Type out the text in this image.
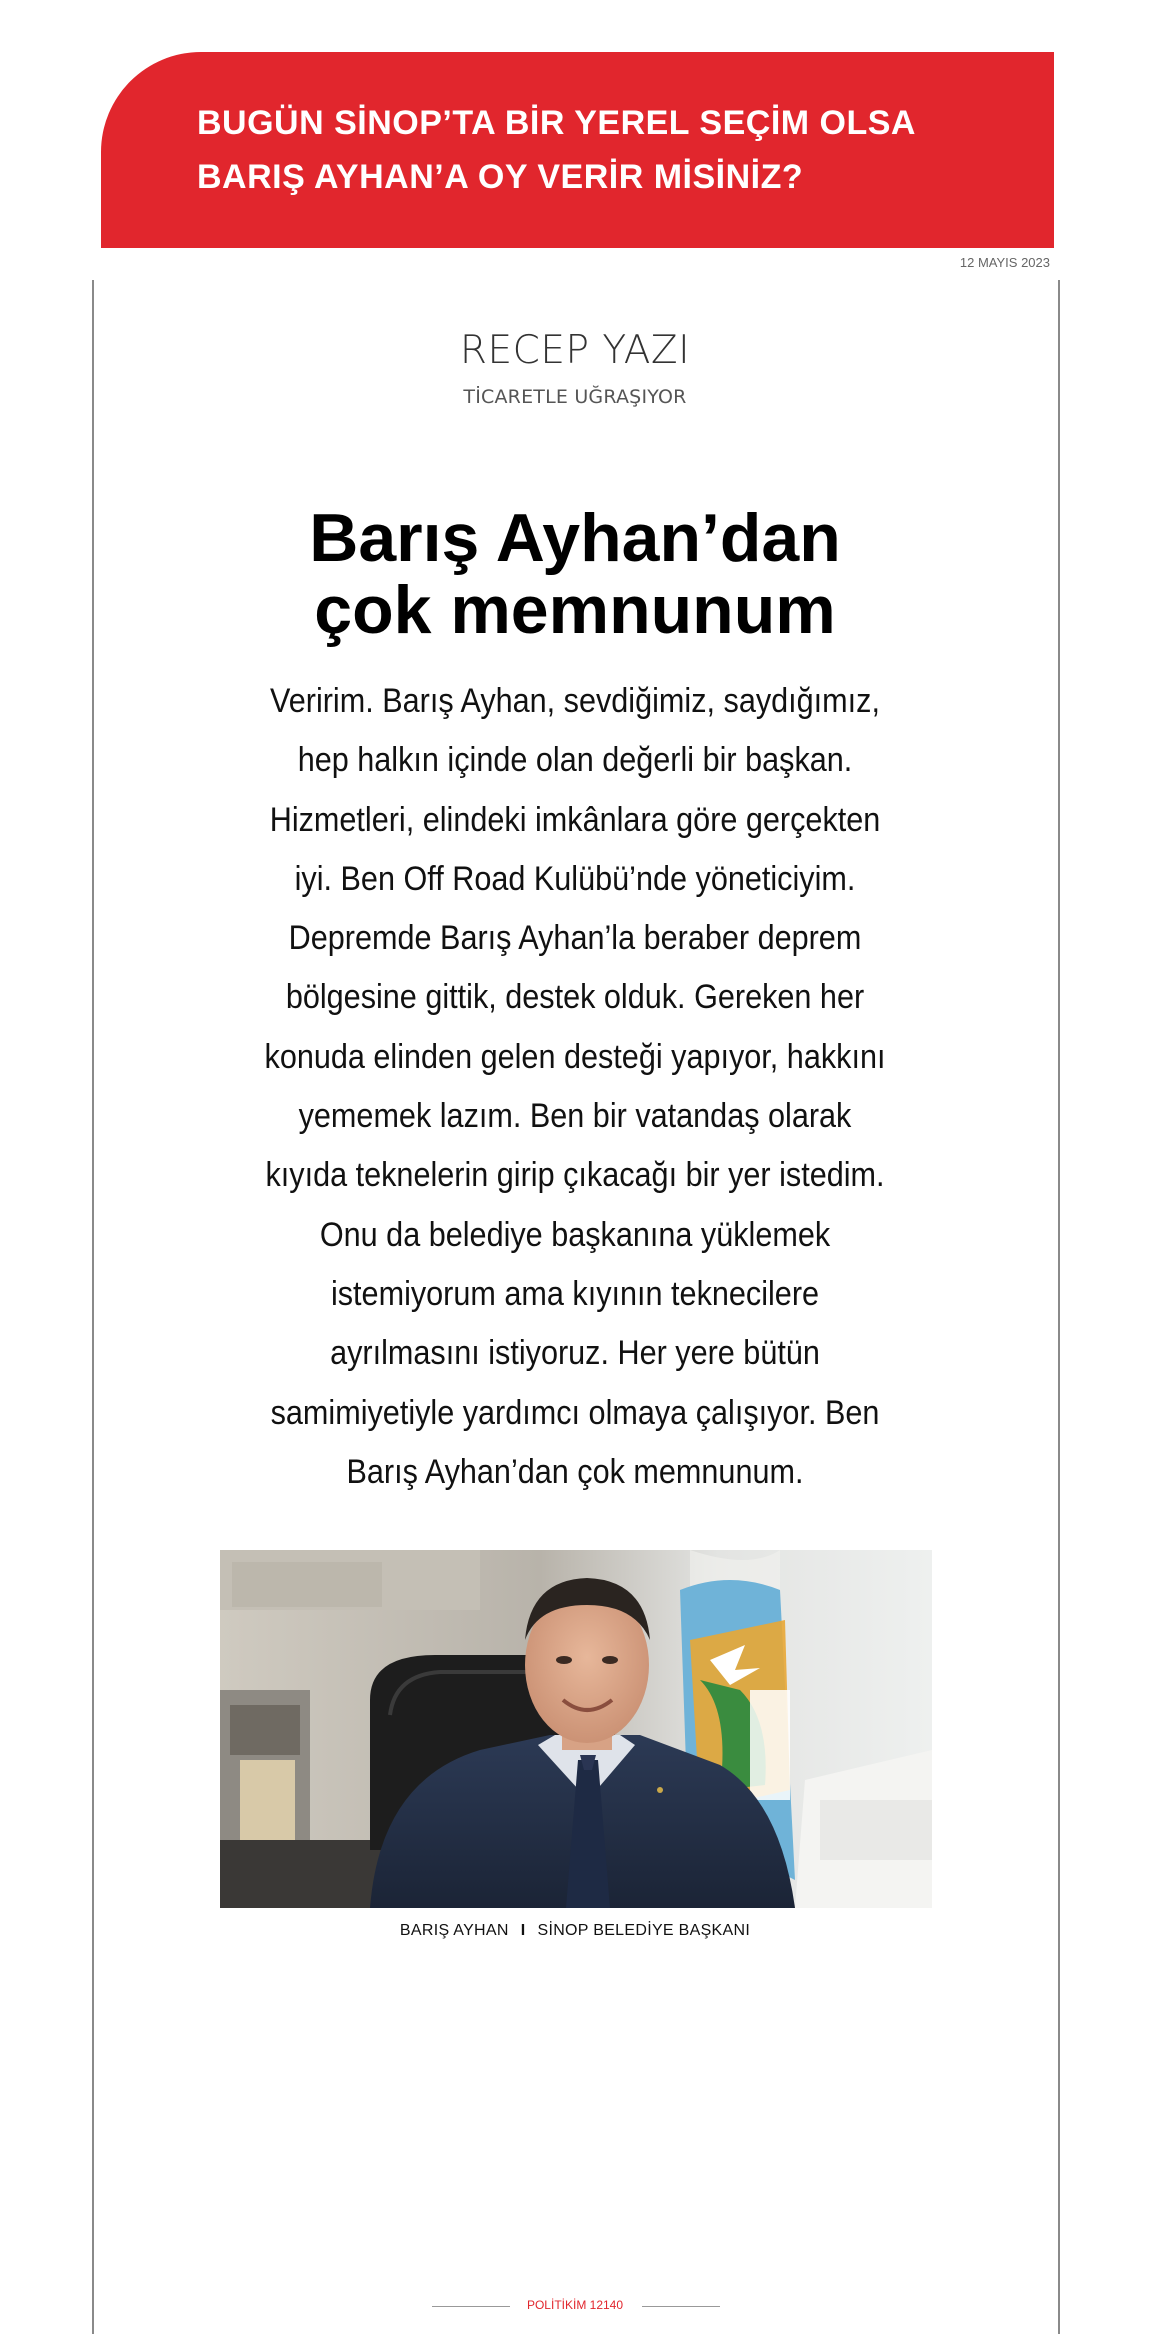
BUGÜN SİNOP’TA BİR YEREL SEÇİM OLSA
BARIŞ AYHAN’A OY VERİR MİSİNİZ?
12 MAYIS 2023
RECEP YAZI
TİCARETLE UĞRAŞIYOR
Barış Ayhan’dan
çok memnunum
Veririm. Barış Ayhan, sevdiğimiz, saydığımız, hep halkın içinde olan değerli bir başkan. Hizmetleri, elindeki imkânlara göre gerçekten iyi. Ben Off Road Kulübü’nde yöneticiyim. Depremde Barış Ayhan’la beraber deprem bölgesine gittik, destek olduk. Gereken her konuda elinden gelen desteği yapıyor, hakkını yememek lazım. Ben bir vatandaş olarak kıyıda teknelerin girip çıkacağı bir yer istedim. Onu da belediye başkanına yüklemek istemiyorum ama kıyının teknecilere ayrılmasını istiyoruz. Her yere bütün samimiyetiyle yardımcı olmaya çalışıyor. Ben Barış Ayhan’dan çok memnunum.
BARIŞ AYHAN I SİNOP BELEDİYE BAŞKANI
POLİTİKİM 12140
